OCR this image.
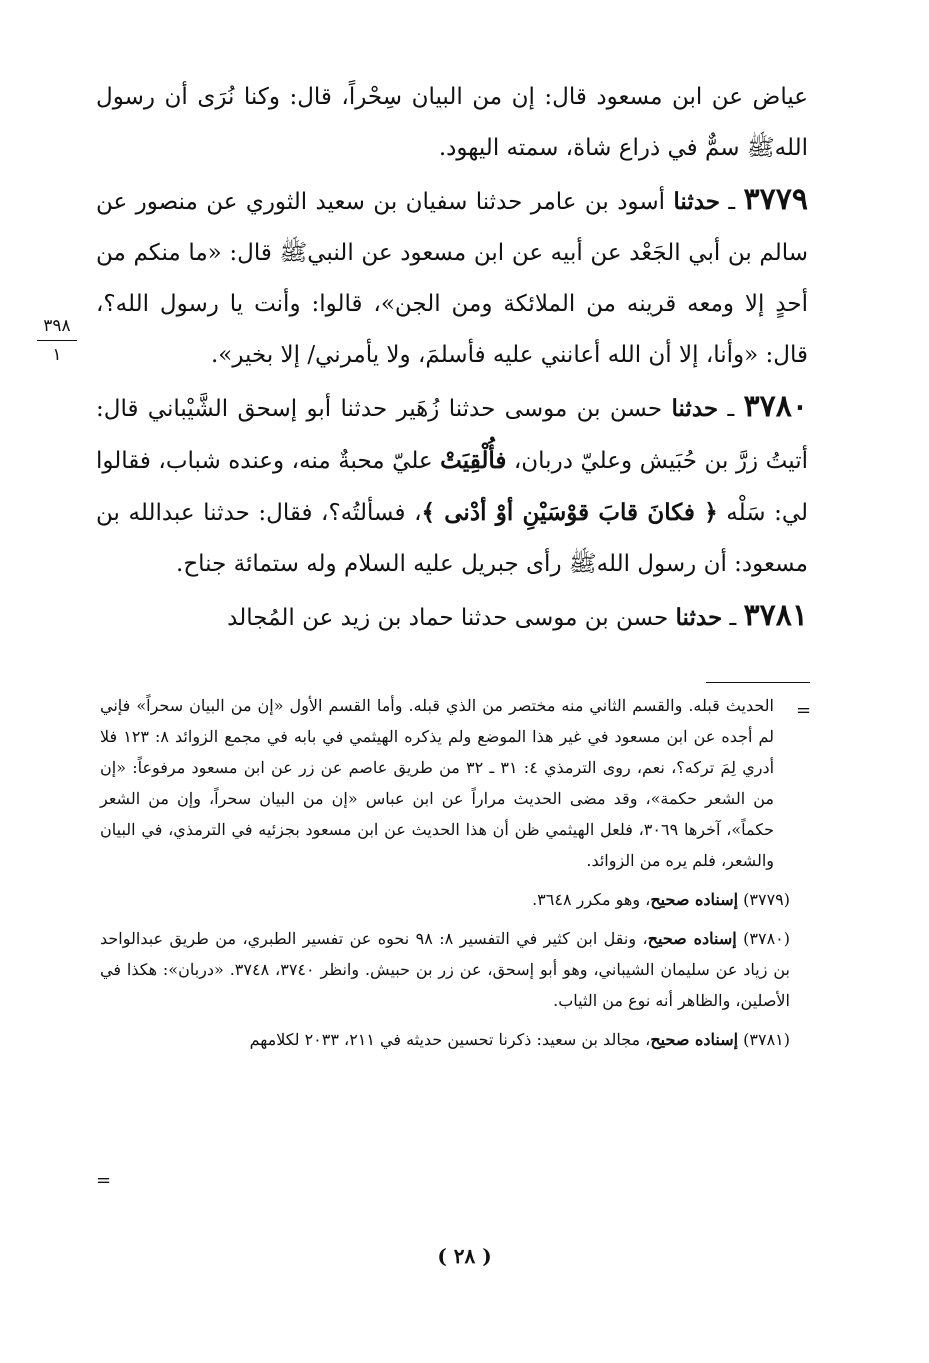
عياض عن ابن مسعود قال: إن من البيان سِحْراً، قال: وكنا نُرَى أن رسول اللهﷺ سمٌّ في ذراع شاة، سمته اليهود.

٣٧٧٩ ـ حدثنا أسود بن عامر حدثنا سفيان بن سعيد الثوري عن منصور عن سالم بن أبي الجَعْد عن أبيه عن ابن مسعود عن النبيﷺ قال: «ما منكم من أحدٍ إلا ومعه قرينه من الملائكة ومن الجن»، قالوا: وأنت يا رسول الله؟، قال: «وأنا، إلا أن الله أعانني عليه فأسلمَ، ولا يأمرني/ إلا بخير».

٣٧٨٠ ـ حدثنا حسن بن موسى حدثنا زُهَير حدثنا أبو إسحق الشَّيْباني قال: أتيتُ زرَّ بن حُبَيش وعليّ دربان، فأُلْقِيَتْ عليّ محبةٌ منه، وعنده شباب، فقالوا لي: سَلْه ﴿ فكانَ قابَ قوْسَيْنِ أوْ أدْنى ﴾، فسألتُه؟، فقال: حدثنا عبدالله بن مسعود: أن رسول اللهﷺ رأى جبريل عليه السلام وله ستمائة جناح.

٣٧٨١ ـ حدثنا حسن بن موسى حدثنا حماد بن زيد عن المُجالد

٣٩٨
١
=

الحديث قبله. والقسم الثاني منه مختصر من الذي قبله. وأما القسم الأول «إن من البيان سحراً» فإني لم أجده عن ابن مسعود في غير هذا الموضع ولم يذكره الهيثمي في بابه في مجمع الزوائد ٨: ١٢٣ فلا أدري لِمَ تركه؟، نعم، روى الترمذي ٤: ٣١ ـ ٣٢ من طريق عاصم عن زر عن ابن مسعود مرفوعاً: «إن من الشعر حكمة»، وقد مضى الحديث مراراً عن ابن عباس «إن من البيان سحراً، وإن من الشعر حكماً»، آخرها ٣٠٦٩، فلعل الهيثمي ظن أن هذا الحديث عن ابن مسعود بجزئيه في الترمذي، في البيان والشعر، فلم يره من الزوائد.

(٣٧٧٩) إسناده صحيح، وهو مكرر ٣٦٤٨.

(٣٧٨٠) إسناده صحيح، ونقل ابن كثير في التفسير ٨: ٩٨ نحوه عن تفسير الطبري، من طريق عبدالواحد بن زياد عن سليمان الشيباني، وهو أبو إسحق، عن زر بن حبيش. وانظر ٣٧٤٠، ٣٧٤٨. «دربان»: هكذا في الأصلين، والظاهر أنه نوع من الثياب.

(٣٧٨١) إسناده صحيح، مجالد بن سعيد: ذكرنا تحسين حديثه في ٢١١، ٢٠٣٣ لكلامهم

=
( ٢٨ )
